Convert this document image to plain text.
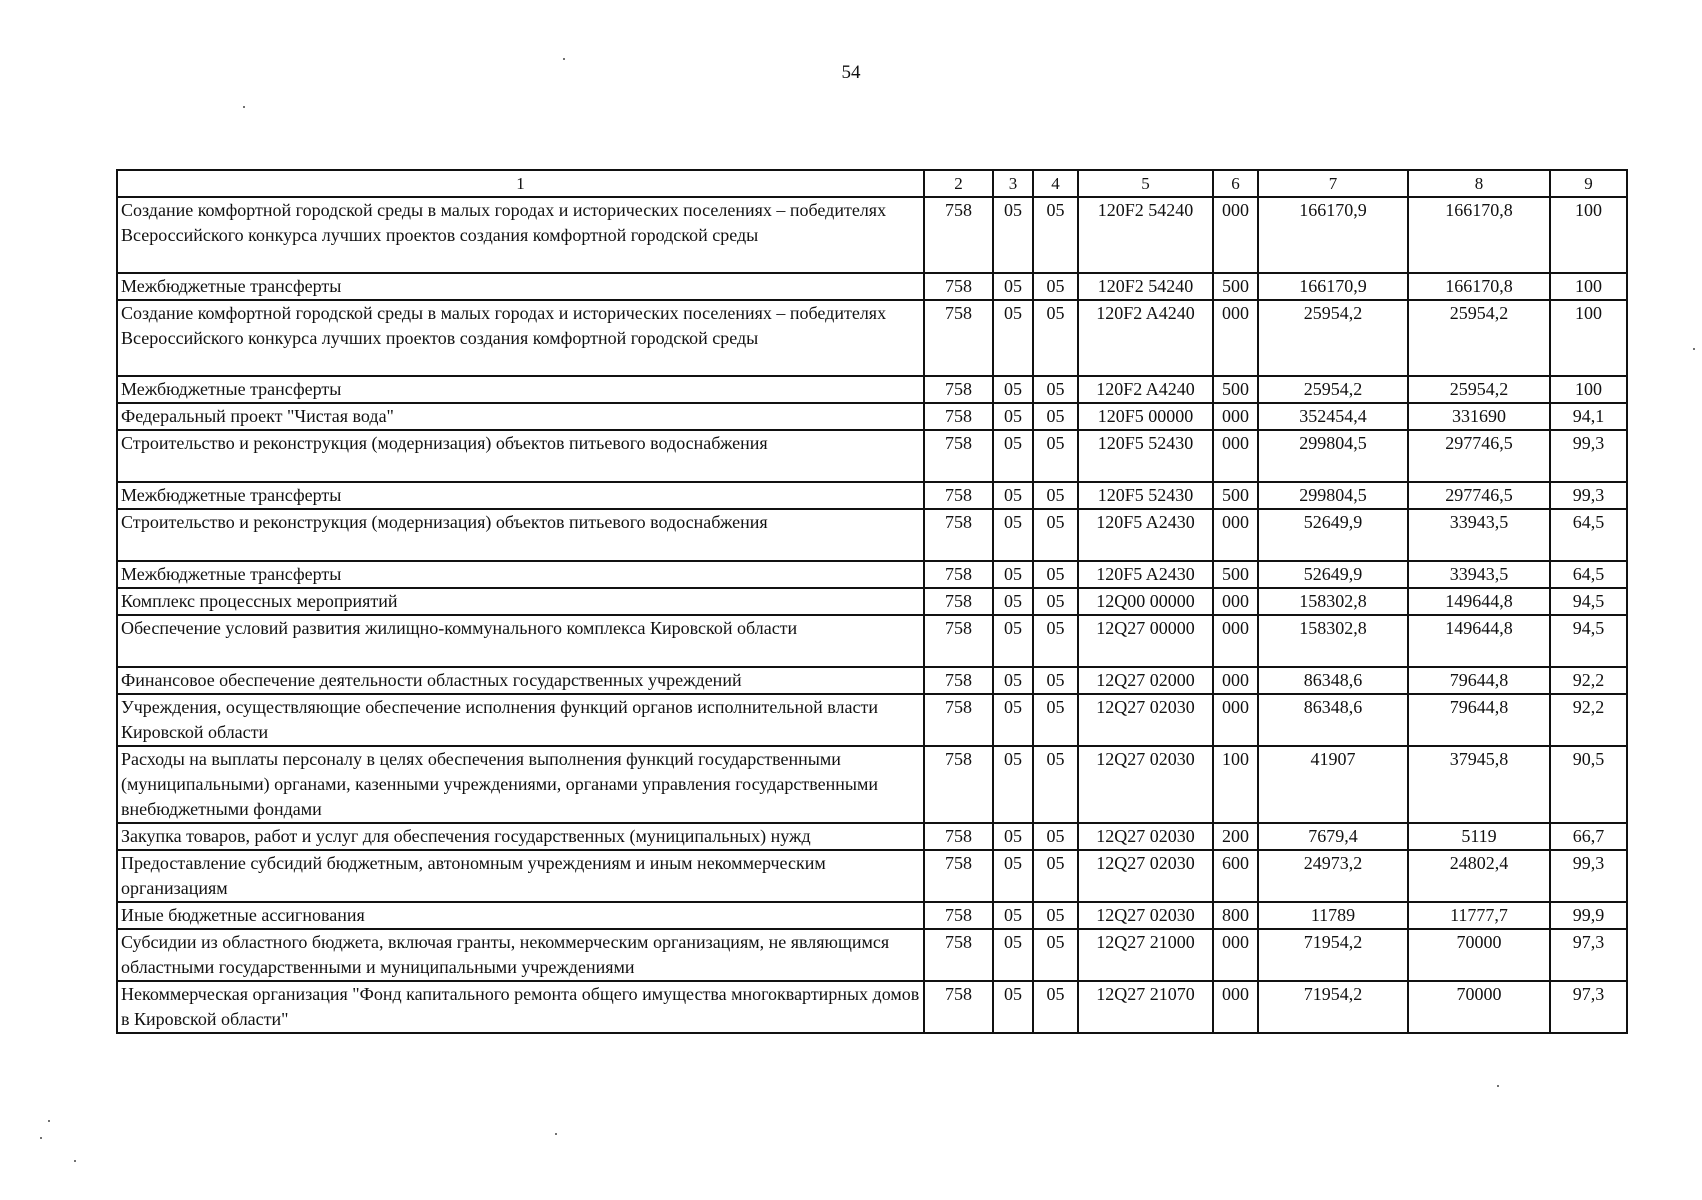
54
1	2	3	4	5	6	7	8	9
Создание комфортной городской среды в малых городах и исторических поселениях – победителях Всероссийского конкурса лучших проектов создания комфортной городской среды	758	05	05	120F2 54240	000	166170,9	166170,8	100
Межбюджетные трансферты	758	05	05	120F2 54240	500	166170,9	166170,8	100
Создание комфортной городской среды в малых городах и исторических поселениях – победителях Всероссийского конкурса лучших проектов создания комфортной городской среды	758	05	05	120F2 A4240	000	25954,2	25954,2	100
Межбюджетные трансферты	758	05	05	120F2 A4240	500	25954,2	25954,2	100
Федеральный проект "Чистая вода"	758	05	05	120F5 00000	000	352454,4	331690	94,1
Строительство и реконструкция (модернизация) объектов питьевого водоснабжения	758	05	05	120F5 52430	000	299804,5	297746,5	99,3
Межбюджетные трансферты	758	05	05	120F5 52430	500	299804,5	297746,5	99,3
Строительство и реконструкция (модернизация) объектов питьевого водоснабжения	758	05	05	120F5 A2430	000	52649,9	33943,5	64,5
Межбюджетные трансферты	758	05	05	120F5 A2430	500	52649,9	33943,5	64,5
Комплекс процессных мероприятий	758	05	05	12Q00 00000	000	158302,8	149644,8	94,5
Обеспечение условий развития жилищно-коммунального комплекса Кировской области	758	05	05	12Q27 00000	000	158302,8	149644,8	94,5
Финансовое обеспечение деятельности областных государственных учреждений	758	05	05	12Q27 02000	000	86348,6	79644,8	92,2
Учреждения, осуществляющие обеспечение исполнения функций органов исполнительной власти Кировской области	758	05	05	12Q27 02030	000	86348,6	79644,8	92,2
Расходы на выплаты персоналу в целях обеспечения выполнения функций государственными (муниципальными) органами, казенными учреждениями, органами управления государственными внебюджетными фондами	758	05	05	12Q27 02030	100	41907	37945,8	90,5
Закупка товаров, работ и услуг для обеспечения государственных (муниципальных) нужд	758	05	05	12Q27 02030	200	7679,4	5119	66,7
Предоставление субсидий бюджетным, автономным учреждениям и иным некоммерческим организациям	758	05	05	12Q27 02030	600	24973,2	24802,4	99,3
Иные бюджетные ассигнования	758	05	05	12Q27 02030	800	11789	11777,7	99,9
Субсидии из областного бюджета, включая гранты, некоммерческим организациям, не являющимся областными государственными и муниципальными учреждениями	758	05	05	12Q27 21000	000	71954,2	70000	97,3
Некоммерческая организация "Фонд капитального ремонта общего имущества многоквартирных домов в Кировской области"	758	05	05	12Q27 21070	000	71954,2	70000	97,3
